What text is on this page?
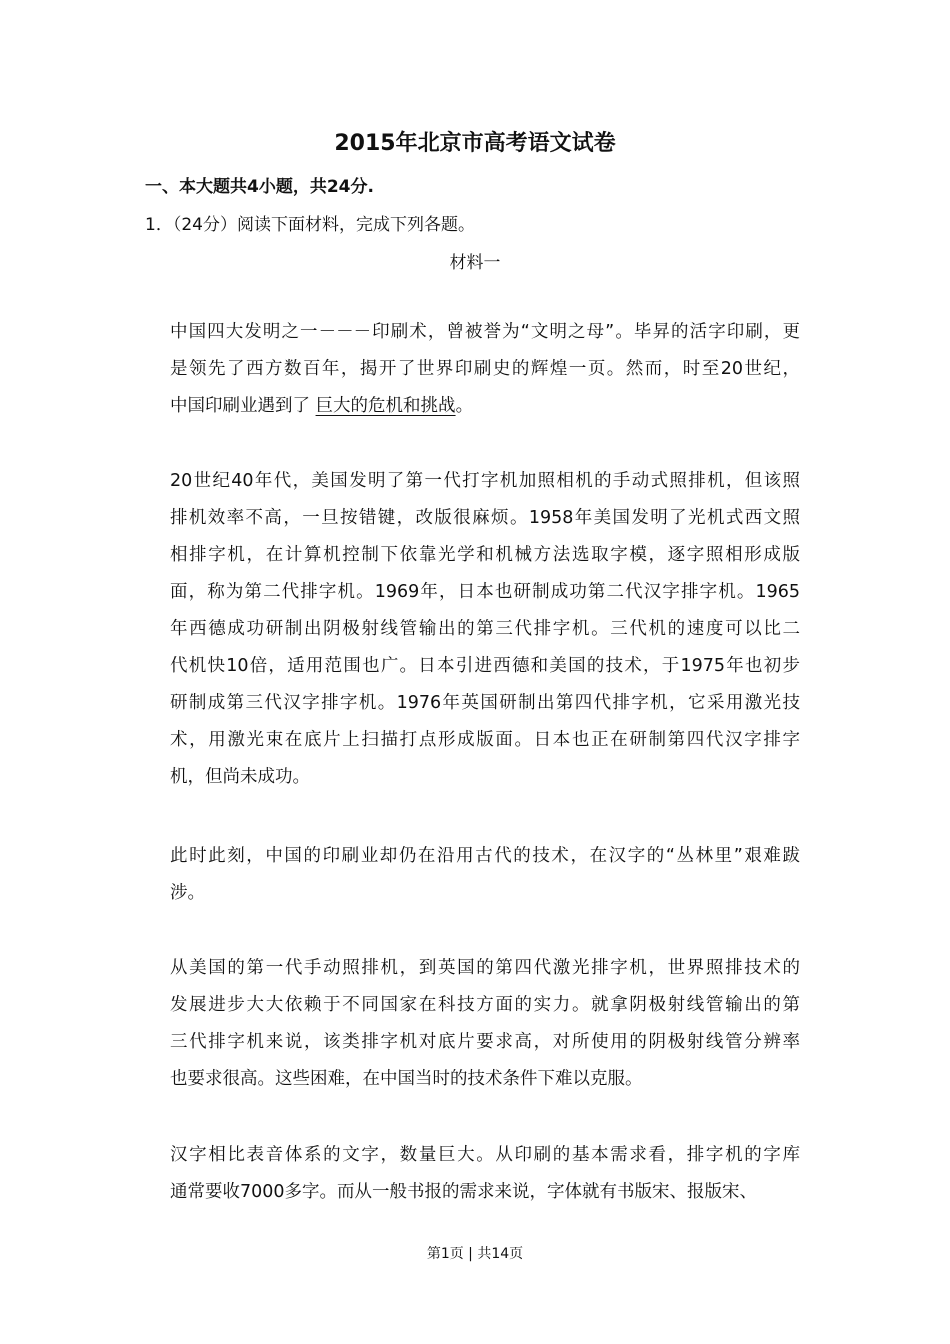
2015年北京市高考语文试卷
一、本大题共4小题，共24分.
1．（24分）阅读下面材料，完成下列各题。
材料一
中国四大发明之一－－－印刷术，曾被誉为“文明之母”。毕昇的活字印刷，更
是领先了西方数百年，揭开了世界印刷史的辉煌一页。然而，时至20世纪，
中国印刷业遇到了 巨大的危机和挑战。
20世纪40年代，美国发明了第一代打字机加照相机的手动式照排机，但该照
排机效率不高，一旦按错键，改版很麻烦。1958年美国发明了光机式西文照
相排字机，在计算机控制下依靠光学和机械方法选取字模，逐字照相形成版
面，称为第二代排字机。1969年，日本也研制成功第二代汉字排字机。1965
年西德成功研制出阴极射线管输出的第三代排字机。三代机的速度可以比二
代机快10倍，适用范围也广。日本引进西德和美国的技术，于1975年也初步
研制成第三代汉字排字机。1976年英国研制出第四代排字机，它采用激光技
术，用激光束在底片上扫描打点形成版面。日本也正在研制第四代汉字排字
机，但尚未成功。
此时此刻，中国的印刷业却仍在沿用古代的技术，在汉字的“丛林里”艰难跋
涉。
从美国的第一代手动照排机，到英国的第四代激光排字机，世界照排技术的
发展进步大大依赖于不同国家在科技方面的实力。就拿阴极射线管输出的第
三代排字机来说，该类排字机对底片要求高，对所使用的阴极射线管分辨率
也要求很高。这些困难，在中国当时的技术条件下难以克服。
汉字相比表音体系的文字，数量巨大。从印刷的基本需求看，排字机的字库
通常要收7000多字。而从一般书报的需求来说，字体就有书版宋、报版宋、
第1页 | 共14页
